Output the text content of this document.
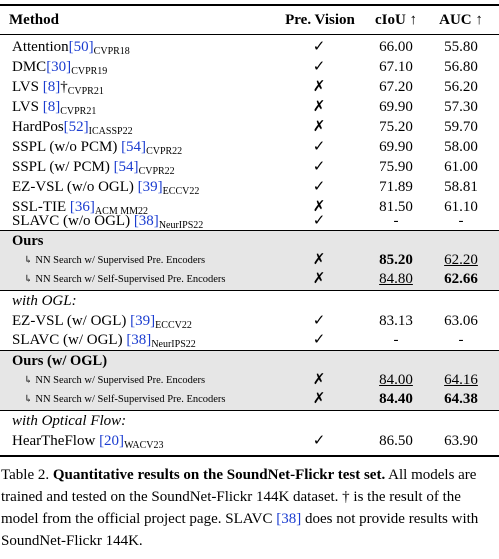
Method	Pre. Vision	cIoU ↑	AUC ↑
$Attention[50]_{CVPR18}$	✓	66.00	55.80
$DMC[30]_{CVPR19}$	✓	67.10	56.80
LVS $[8]\dagger_{CVPR21}$	✗	67.20	56.20
LVS $[8]_{CVPR21}$	✗	69.90	57.30
$HardPos[52]_{ICASSP22}$	✗	75.20	59.70
SSPL (w/o PCM) $[54]_{CVPR22}$	✓	69.90	58.00
SSPL (w/ PCM) $[54]_{CVPR22}$	✓	75.90	61.00
EZ-VSL (w/o OGL) $[39]_{ECCV22}$	✓	71.89	58.81
SSL-TIE $[36]_{ACM MM22}$	✗	81.50	61.10
SLAVC (w/o OGL) $[38]_{NeurIPS22}$	✓	-	-
Ours
↳ NN Search w/ Supervised Pre. Encoders	✗	85.20	62.20
↳ NN Search w/ Self-Supervised Pre. Encoders	✗	84.80	62.66
with OGL:
EZ-VSL (w/ OGL) $[39]_{ECCV22}$	✓	83.13	63.06
SLAVC (w/ OGL) $[38]_{NeurIPS22}$	✓	-	-
Ours (w/ OGL)
↳ NN Search w/ Supervised Pre. Encoders	✗	84.00	64.16
↳ NN Search w/ Self-Supervised Pre. Encoders	✗	84.40	64.38
with Optical Flow:
HearTheFlow $[20]_{WACV23}$	✓	86.50	63.90
Table 2. Quantitative results on the SoundNet-Flickr test set. All models are trained and tested on the SoundNet-Flickr 144K dataset. † is the result of the model from the official project page. SLAVC [38] does not provide results with SoundNet-Flickr 144K.
